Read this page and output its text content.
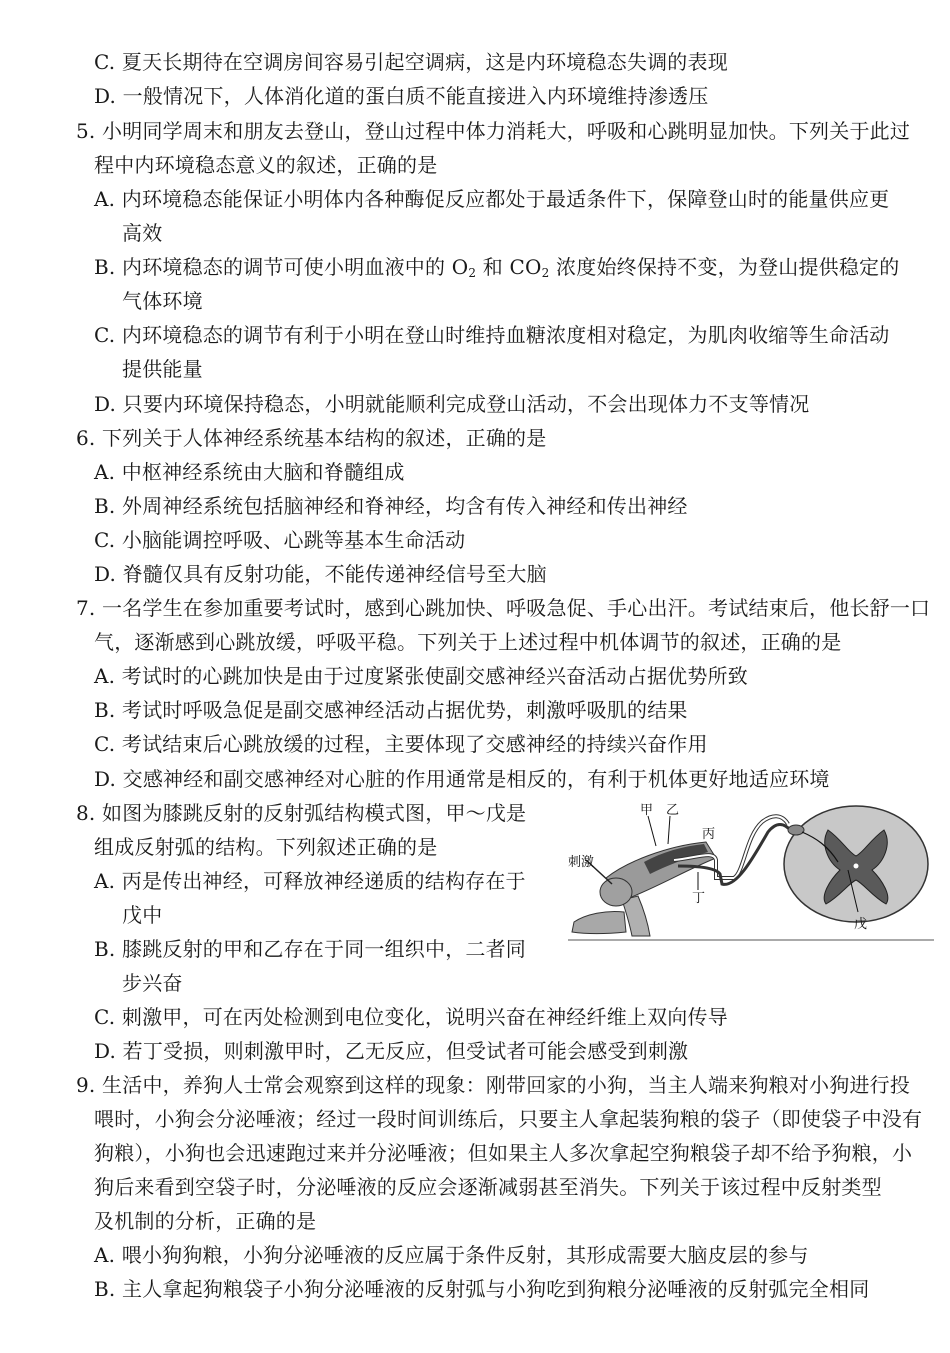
C. 夏天长期待在空调房间容易引起空调病，这是内环境稳态失调的表现
D. 一般情况下，人体消化道的蛋白质不能直接进入内环境维持渗透压
5. 小明同学周末和朋友去登山，登山过程中体力消耗大，呼吸和心跳明显加快。下列关于此过
程中内环境稳态意义的叙述，正确的是
A. 内环境稳态能保证小明体内各种酶促反应都处于最适条件下，保障登山时的能量供应更
高效
B. 内环境稳态的调节可使小明血液中的 $O_2$ 和 $CO_2$ 浓度始终保持不变，为登山提供稳定的
气体环境
C. 内环境稳态的调节有利于小明在登山时维持血糖浓度相对稳定，为肌肉收缩等生命活动
提供能量
D. 只要内环境保持稳态，小明就能顺利完成登山活动，不会出现体力不支等情况
6. 下列关于人体神经系统基本结构的叙述，正确的是
A. 中枢神经系统由大脑和脊髓组成
B. 外周神经系统包括脑神经和脊神经，均含有传入神经和传出神经
C. 小脑能调控呼吸、心跳等基本生命活动
D. 脊髓仅具有反射功能，不能传递神经信号至大脑
7. 一名学生在参加重要考试时，感到心跳加快、呼吸急促、手心出汗。考试结束后，他长舒一口
气，逐渐感到心跳放缓，呼吸平稳。下列关于上述过程中机体调节的叙述，正确的是
A. 考试时的心跳加快是由于过度紧张使副交感神经兴奋活动占据优势所致
B. 考试时呼吸急促是副交感神经活动占据优势，刺激呼吸肌的结果
C. 考试结束后心跳放缓的过程，主要体现了交感神经的持续兴奋作用
D. 交感神经和副交感神经对心脏的作用通常是相反的，有利于机体更好地适应环境
8. 如图为膝跳反射的反射弧结构模式图，甲～戊是
组成反射弧的结构。下列叙述正确的是
A. 丙是传出神经，可释放神经递质的结构存在于
戊中
B. 膝跳反射的甲和乙存在于同一组织中，二者同
步兴奋
C. 刺激甲，可在丙处检测到电位变化，说明兴奋在神经纤维上双向传导
D. 若丁受损，则刺激甲时，乙无反应，但受试者可能会感受到刺激
9. 生活中，养狗人士常会观察到这样的现象：刚带回家的小狗，当主人端来狗粮对小狗进行投
喂时，小狗会分泌唾液；经过一段时间训练后，只要主人拿起装狗粮的袋子（即使袋子中没有
狗粮），小狗也会迅速跑过来并分泌唾液；但如果主人多次拿起空狗粮袋子却不给予狗粮，小
狗后来看到空袋子时，分泌唾液的反应会逐渐减弱甚至消失。下列关于该过程中反射类型
及机制的分析，正确的是
A. 喂小狗狗粮，小狗分泌唾液的反应属于条件反射，其形成需要大脑皮层的参与
B. 主人拿起狗粮袋子小狗分泌唾液的反射弧与小狗吃到狗粮分泌唾液的反射弧完全相同
甲 乙
丙
丁
戊
刺激
